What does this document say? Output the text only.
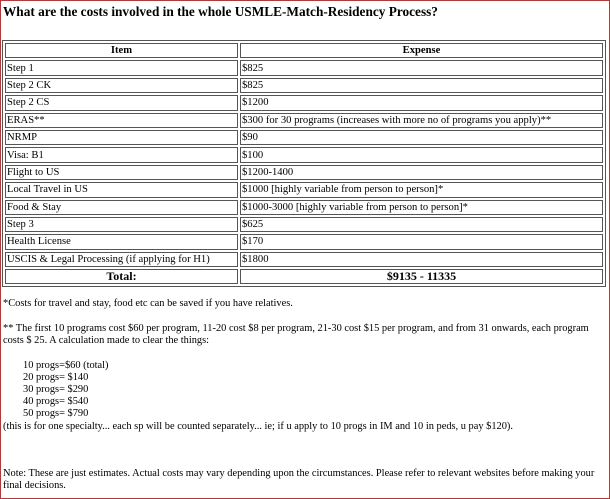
What are the costs involved in the whole USMLE-Match-Residency Process?
Item	Expense
Step 1	$825
Step 2 CK	$825
Step 2 CS	$1200
ERAS**	$300 for 30 programs (increases with more no of programs you apply)**
NRMP	$90
Visa: B1	$100
Flight to US	$1200-1400
Local Travel in US	$1000 [highly variable from person to person]*
Food & Stay	$1000-3000 [highly variable from person to person]*
Step 3	$625
Health License	$170
USCIS & Legal Processing (if applying for H1)	$1800
Total:	$9135 - 11335
*Costs for travel and stay, food etc can be saved if you have relatives.
** The first 10 programs cost $60 per program, 11-20 cost $8 per program, 21-30 cost $15 per program, and from 31 onwards, each program
costs $ 25. A calculation made to clear the things:
10 progs=$60 (total)
20 progs= $140
30 progs= $290
40 progs= $540
50 progs= $790
(this is for one specialty... each sp will be counted separately... ie; if u apply to 10 progs in IM and 10 in peds, u pay $120).
Note: These are just estimates. Actual costs may vary depending upon the circumstances. Please refer to relevant websites before making your
final decisions.
